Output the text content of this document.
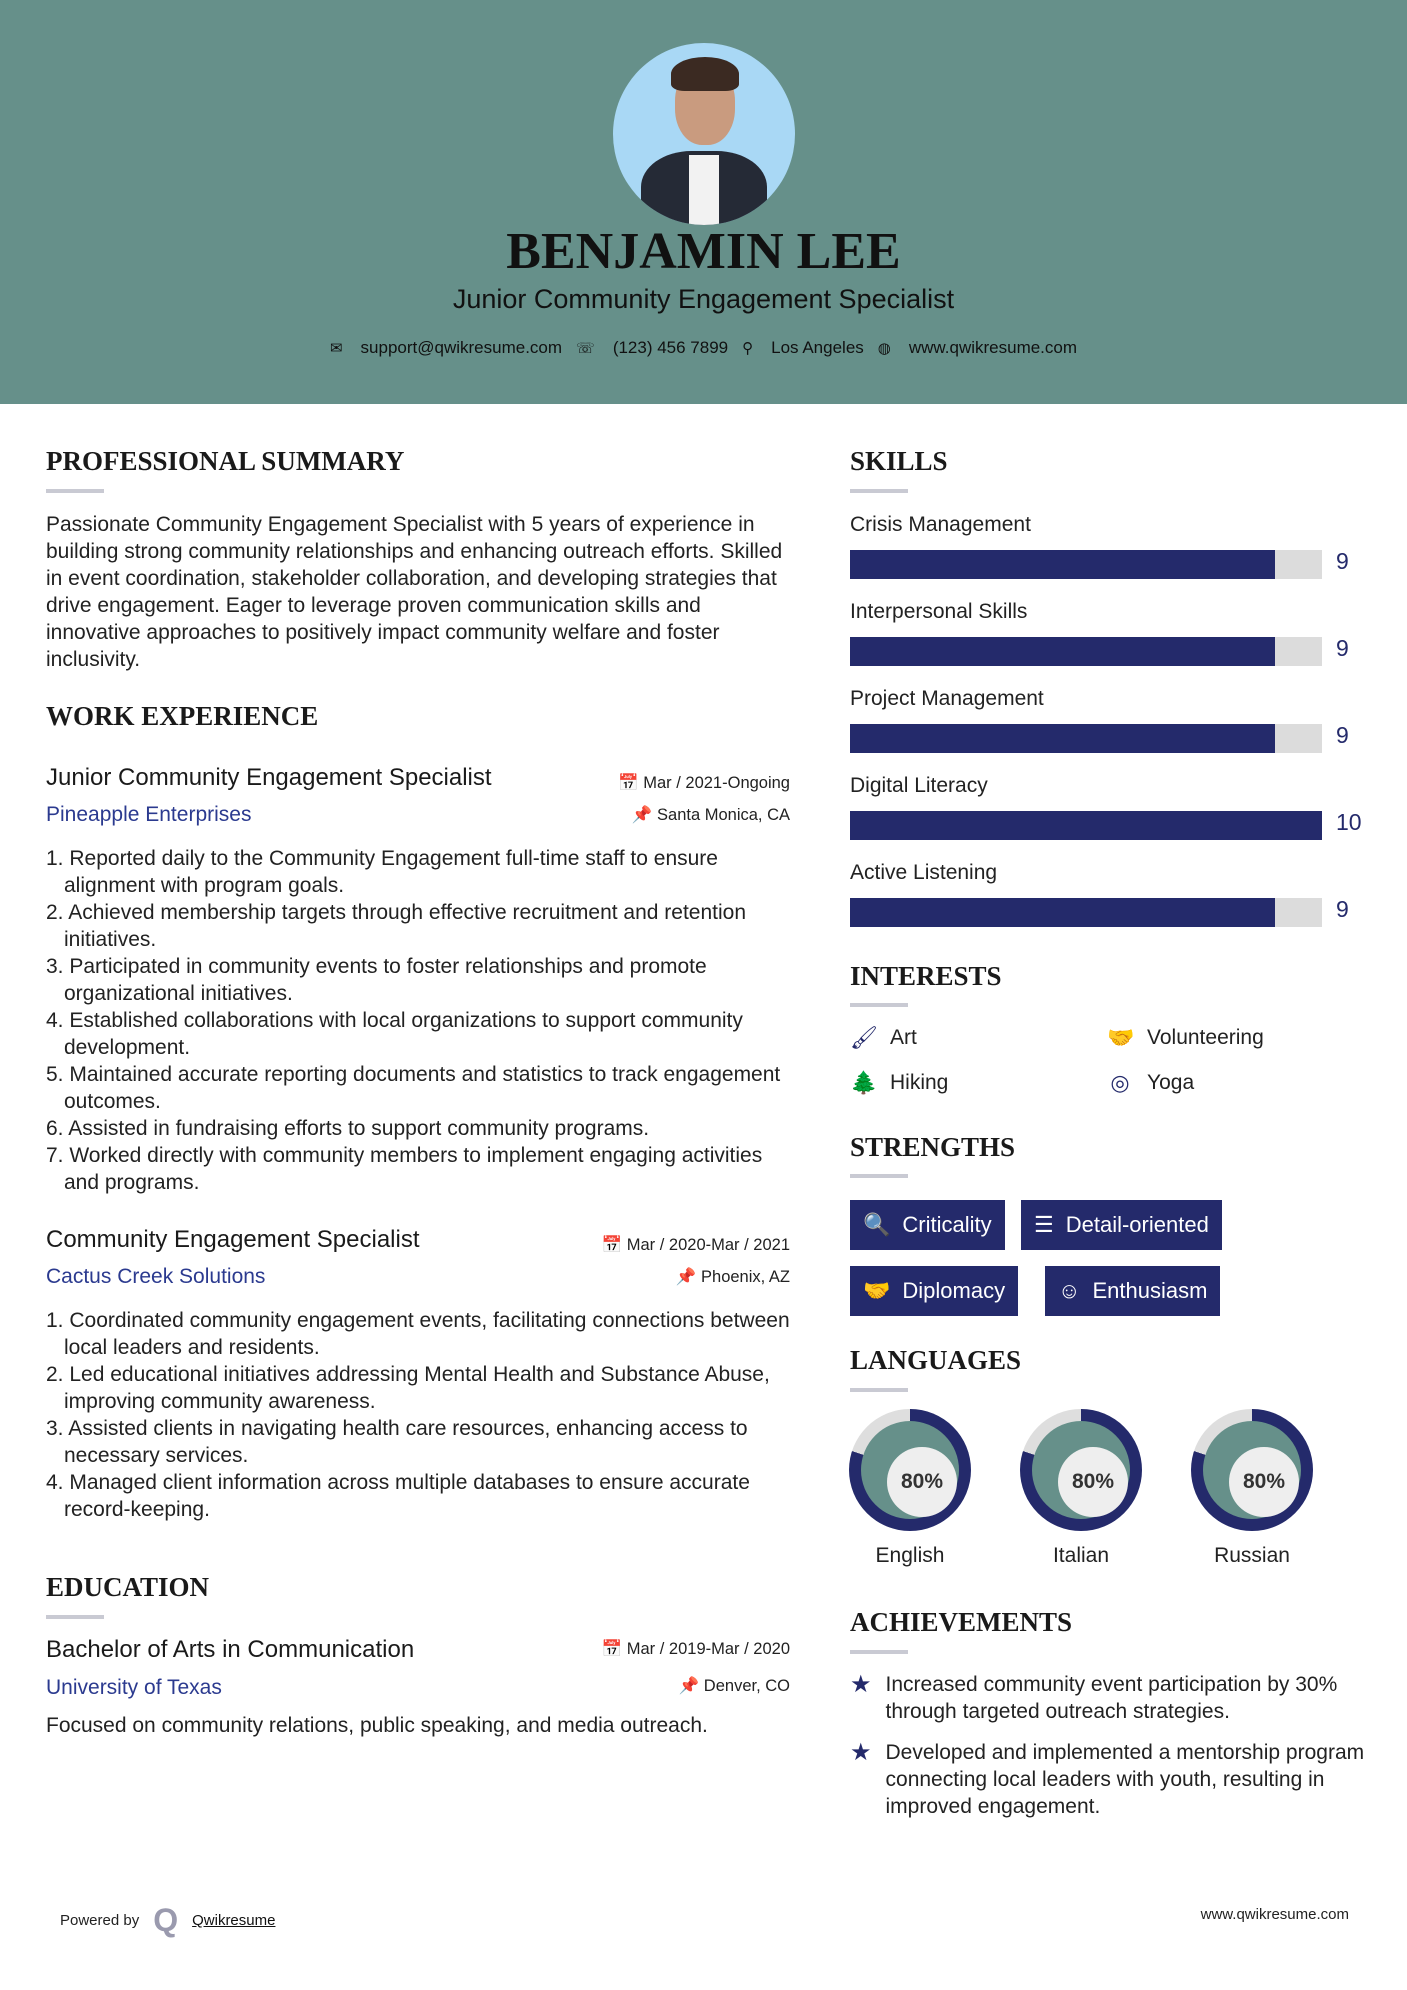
BENJAMIN LEE
Junior Community Engagement Specialist
✉ support@qwikresume.com ☏ (123) 456 7899 ⚲ Los Angeles ◍ www.qwikresume.com
PROFESSIONAL SUMMARY
Passionate Community Engagement Specialist with 5 years of experience in building strong community relationships and enhancing outreach efforts. Skilled in event coordination, stakeholder collaboration, and developing strategies that drive engagement. Eager to leverage proven communication skills and innovative approaches to positively impact community welfare and foster inclusivity.
WORK EXPERIENCE
Junior Community Engagement Specialist	📅 Mar / 2021-Ongoing
Pineapple Enterprises	📌 Santa Monica, CA
1. Reported daily to the Community Engagement full-time staff to ensure alignment with program goals.
2. Achieved membership targets through effective recruitment and retention initiatives.
3. Participated in community events to foster relationships and promote organizational initiatives.
4. Established collaborations with local organizations to support community development.
5. Maintained accurate reporting documents and statistics to track engagement outcomes.
6. Assisted in fundraising efforts to support community programs.
7. Worked directly with community members to implement engaging activities and programs.
Community Engagement Specialist	📅 Mar / 2020-Mar / 2021
Cactus Creek Solutions	📌 Phoenix, AZ
1. Coordinated community engagement events, facilitating connections between local leaders and residents.
2. Led educational initiatives addressing Mental Health and Substance Abuse, improving community awareness.
3. Assisted clients in navigating health care resources, enhancing access to necessary services.
4. Managed client information across multiple databases to ensure accurate record-keeping.
EDUCATION
Bachelor of Arts in Communication	📅 Mar / 2019-Mar / 2020
University of Texas	📌 Denver, CO
Focused on community relations, public speaking, and media outreach.
SKILLS
Crisis Management
9
Interpersonal Skills
9
Project Management
9
Digital Literacy
10
Active Listening
9
INTERESTS
🖌 Art	🤝 Volunteering
🌲 Hiking	◎ Yoga
STRENGTHS
🔍 Criticality ☰ Detail-oriented
🤝 Diplomacy ☺ Enthusiasm
LANGUAGES
80%
English
80%
Italian
80%
Russian
ACHIEVEMENTS
★ Increased community event participation by 30% through targeted outreach strategies.
★ Developed and implemented a mentorship program connecting local leaders with youth, resulting in improved engagement.
Powered by Q Qwikresume	www.qwikresume.com
